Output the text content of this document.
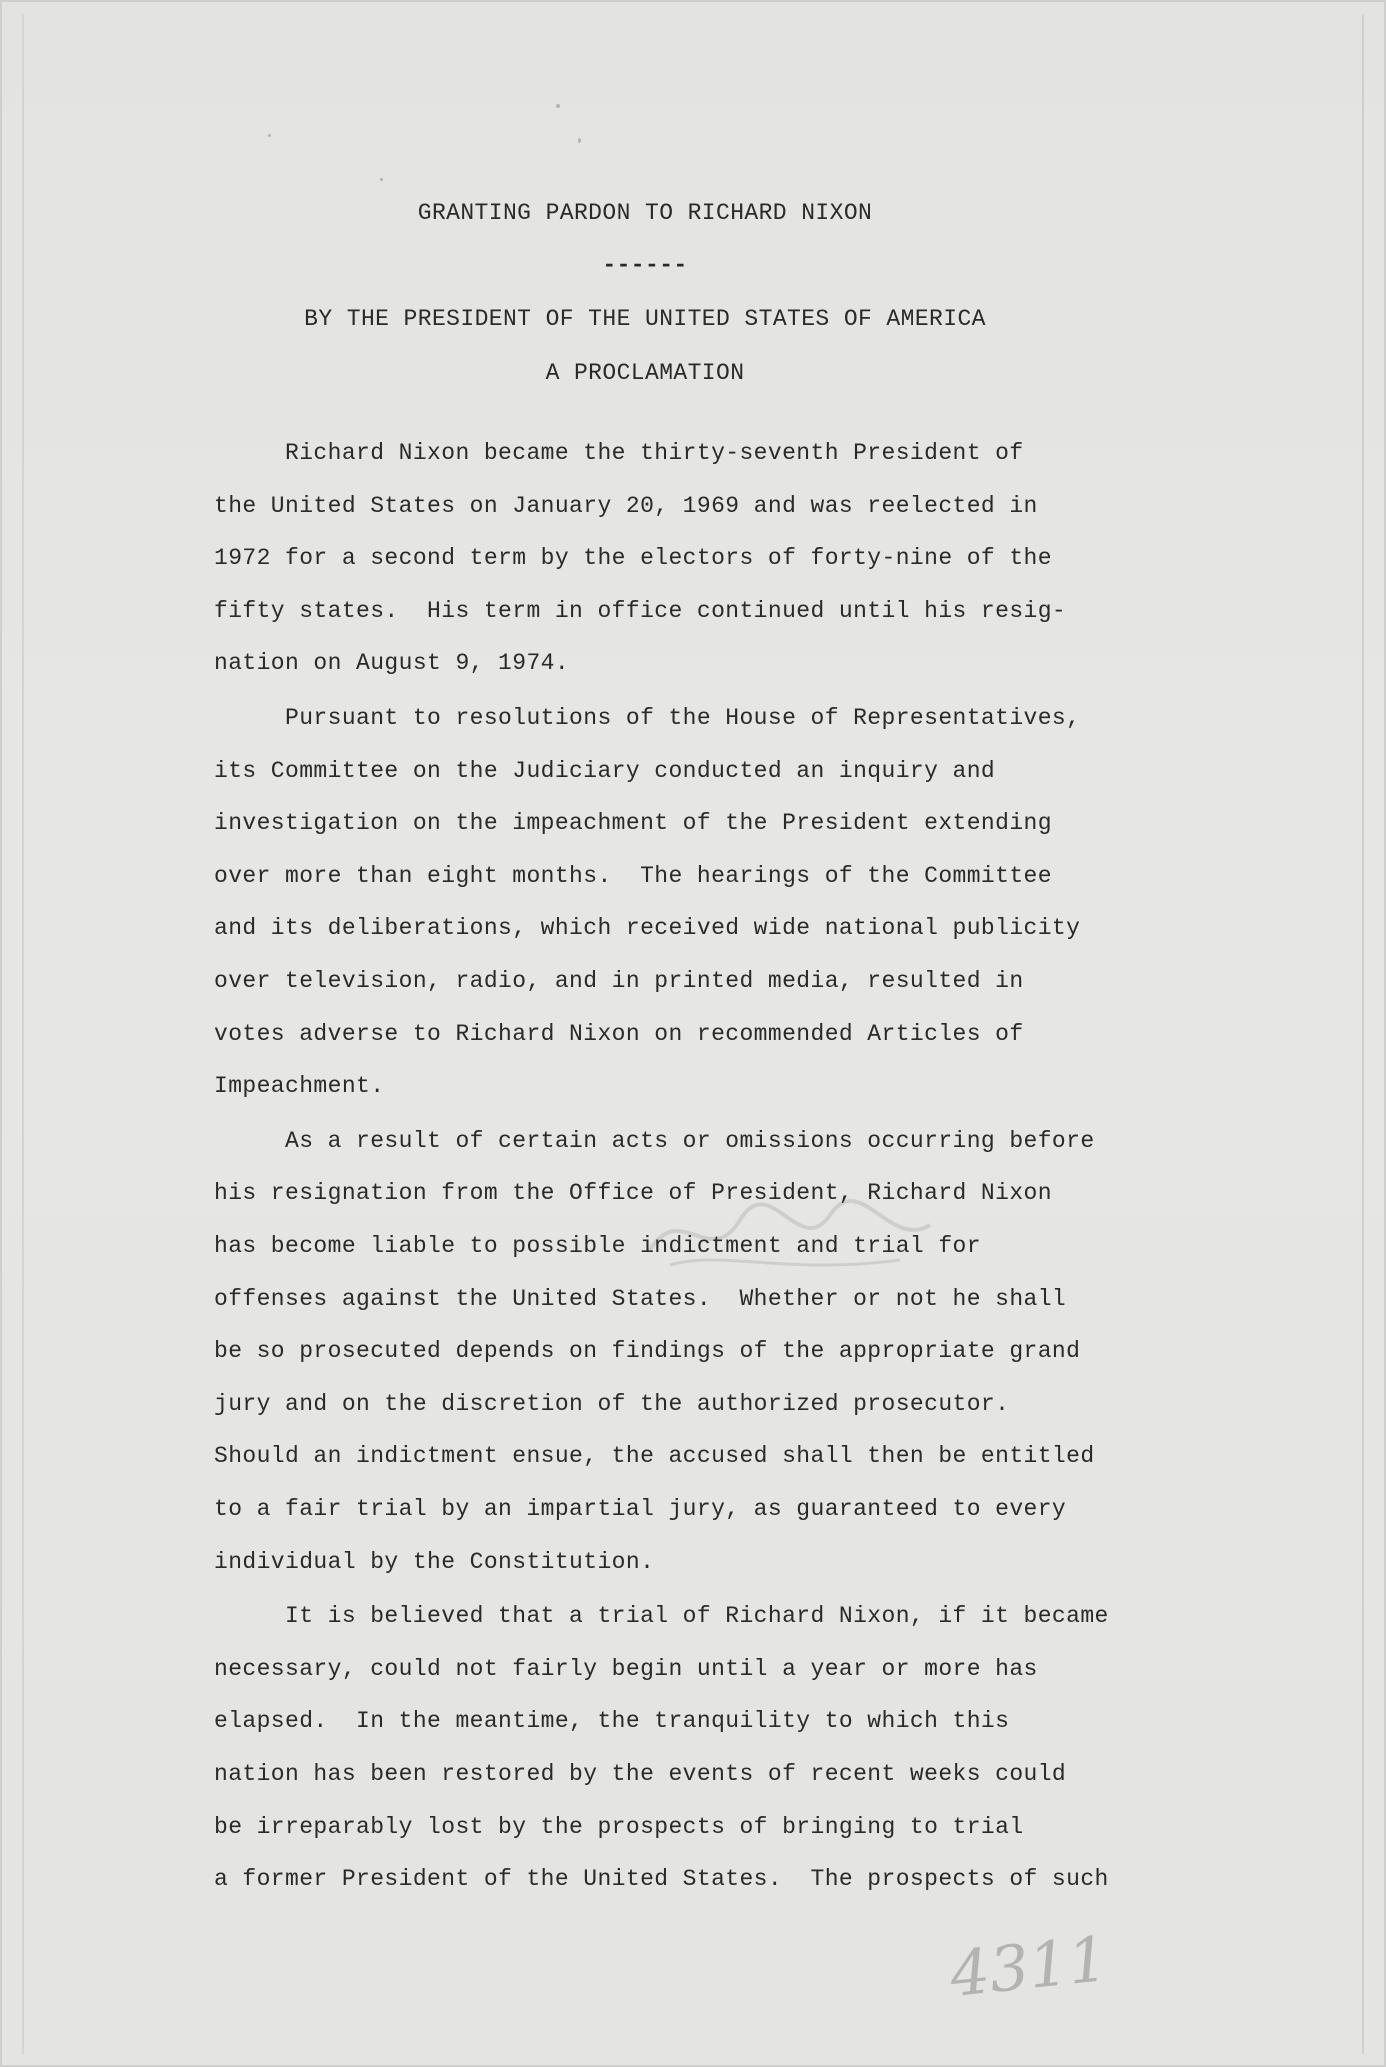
GRANTING PARDON TO RICHARD NIXON
------
BY THE PRESIDENT OF THE UNITED STATES OF AMERICA
A PROCLAMATION
Richard Nixon became the thirty-seventh President of
the United States on January 20, 1969 and was reelected in
1972 for a second term by the electors of forty-nine of the
fifty states.  His term in office continued until his resig-
nation on August 9, 1974.
Pursuant to resolutions of the House of Representatives,
its Committee on the Judiciary conducted an inquiry and
investigation on the impeachment of the President extending
over more than eight months.  The hearings of the Committee
and its deliberations, which received wide national publicity
over television, radio, and in printed media, resulted in
votes adverse to Richard Nixon on recommended Articles of
Impeachment.
As a result of certain acts or omissions occurring before
his resignation from the Office of President, Richard Nixon
has become liable to possible indictment and trial for
offenses against the United States.  Whether or not he shall
be so prosecuted depends on findings of the appropriate grand
jury and on the discretion of the authorized prosecutor.
Should an indictment ensue, the accused shall then be entitled
to a fair trial by an impartial jury, as guaranteed to every
individual by the Constitution.
It is believed that a trial of Richard Nixon, if it became
necessary, could not fairly begin until a year or more has
elapsed.  In the meantime, the tranquility to which this
nation has been restored by the events of recent weeks could
be irreparably lost by the prospects of bringing to trial
a former President of the United States.  The prospects of such
4311
